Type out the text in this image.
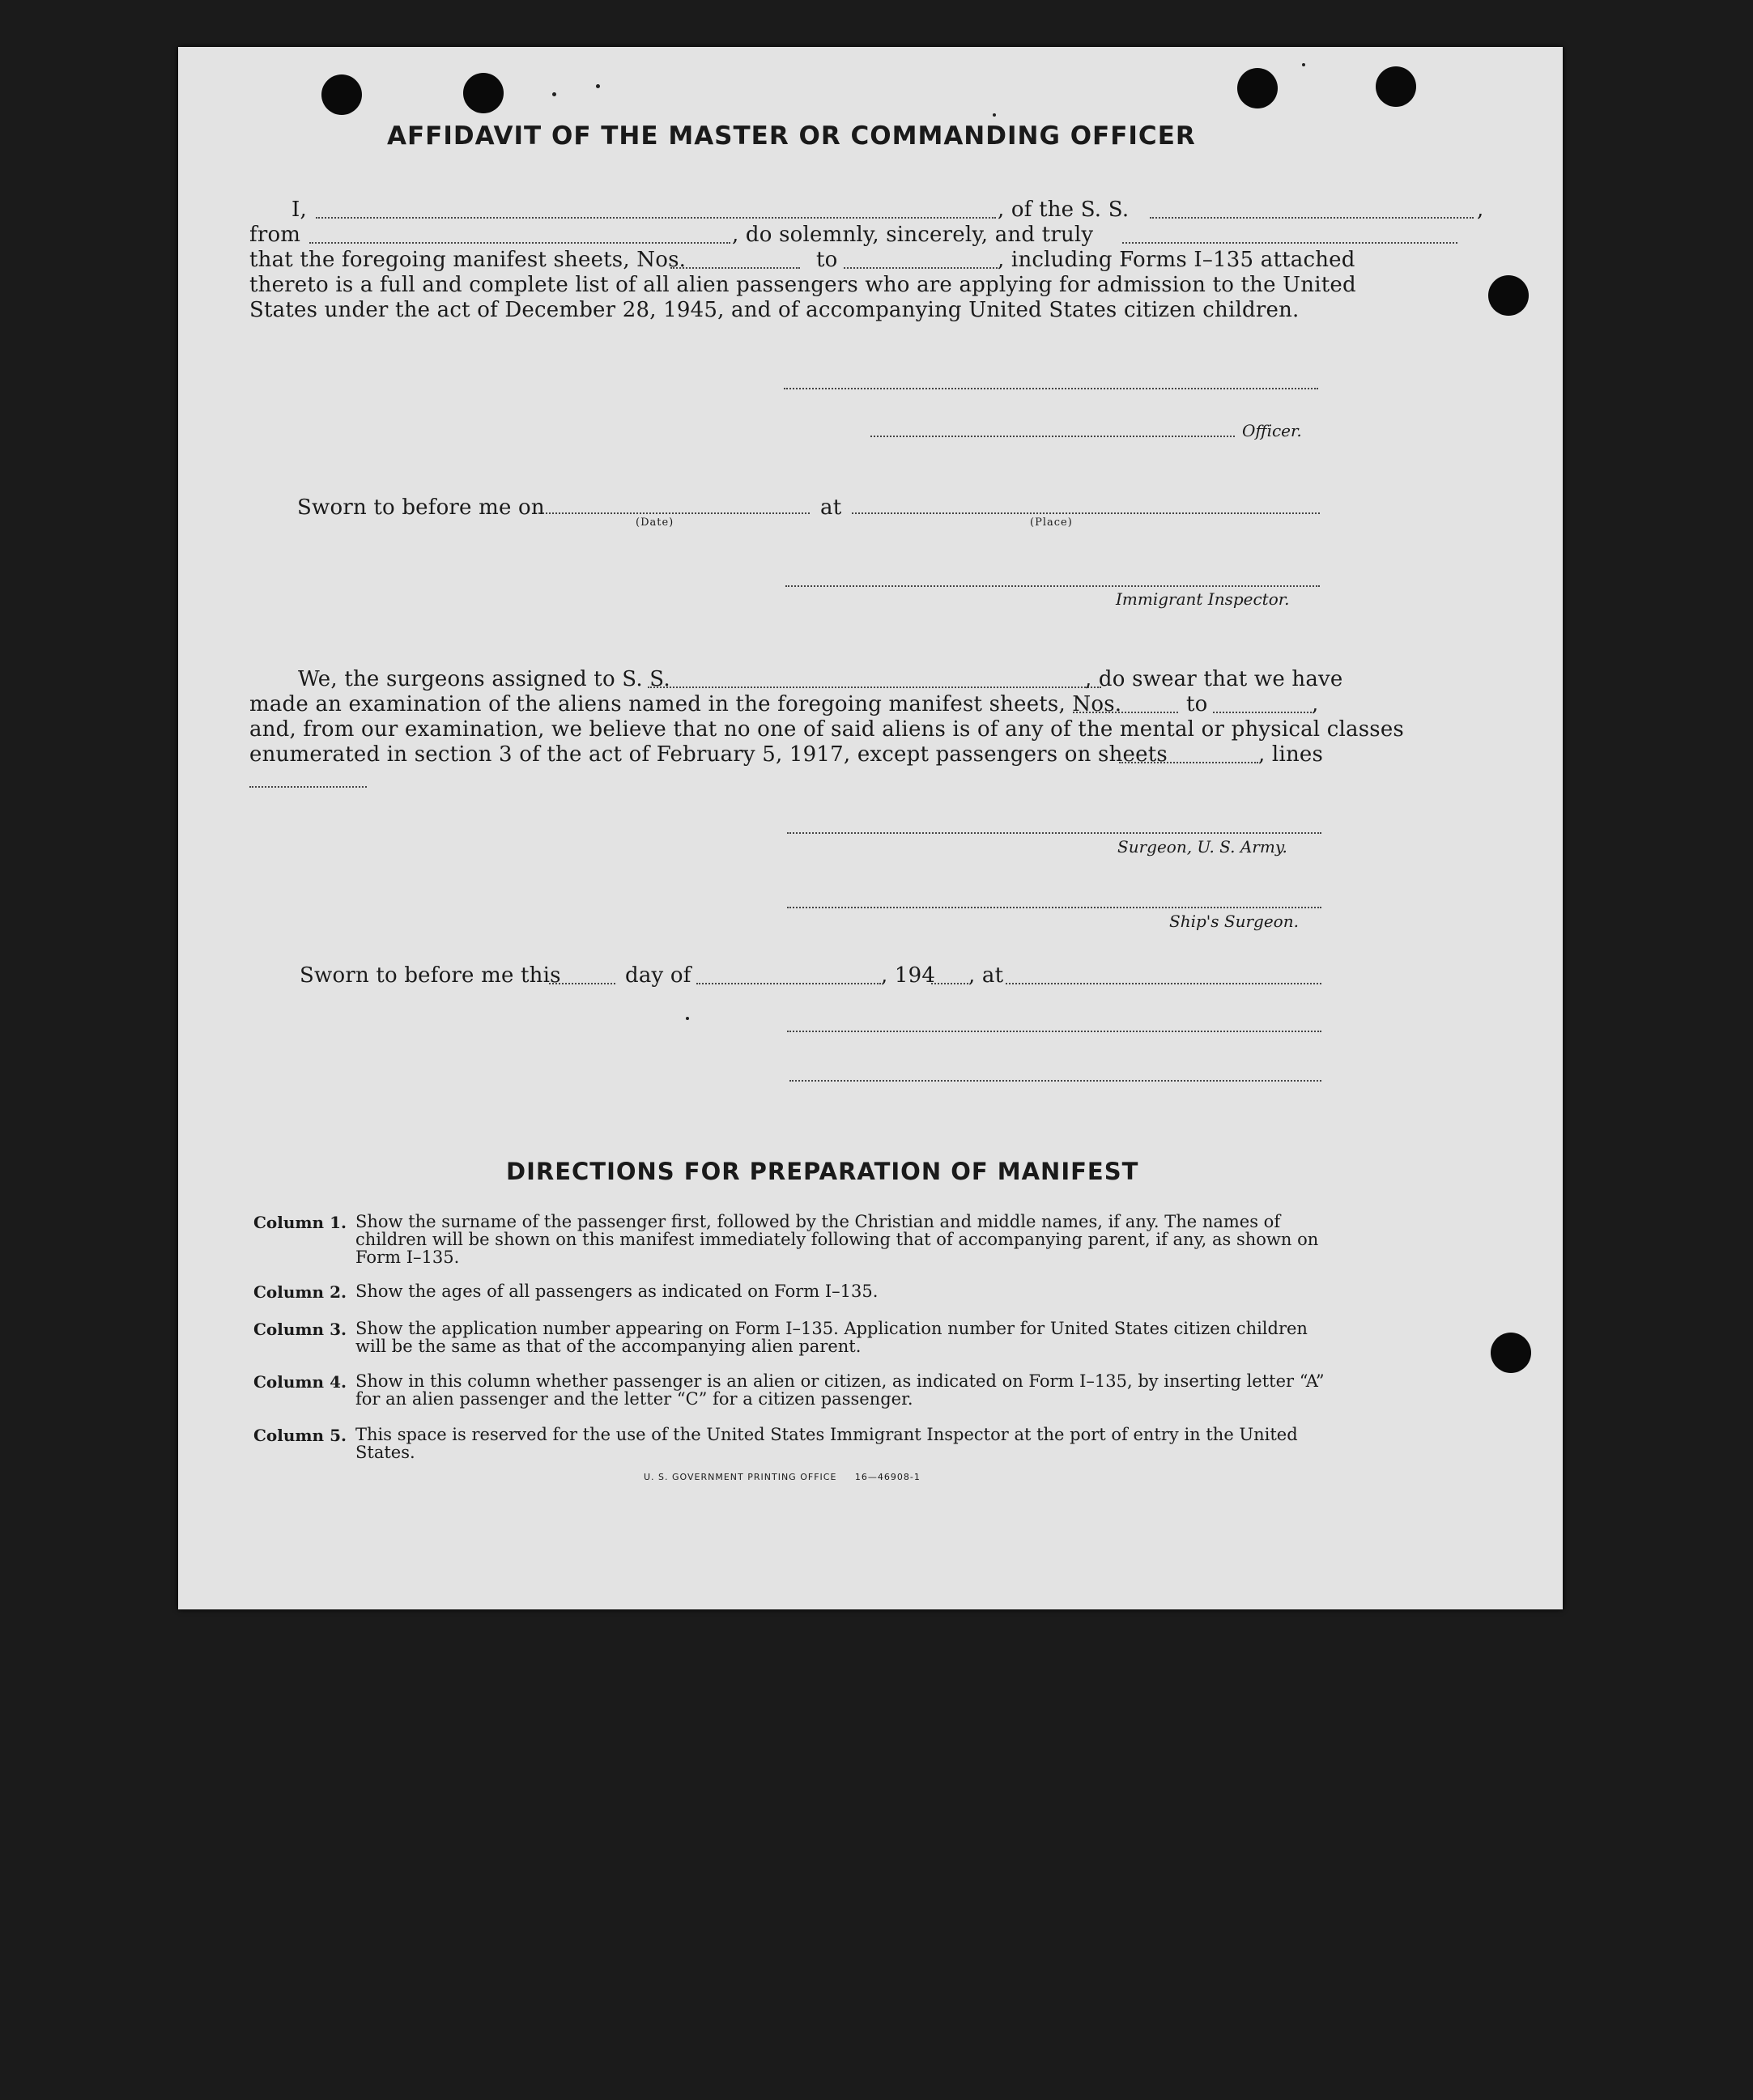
AFFIDAVIT OF THE MASTER OR COMMANDING OFFICER
I,	, of the S. S.	,
from	, do solemnly, sincerely, and truly
that the foregoing manifest sheets, Nos.	to	, including Forms I–135 attached
thereto is a full and complete list of all alien passengers who are applying for admission to the United
States under the act of December 28, 1945, and of accompanying United States citizen children.
Officer.
Sworn to before me on
(Date)
at
(Place)
Immigrant Inspector.
We, the surgeons assigned to S. S.	, do swear that we have
made an examination of the aliens named in the foregoing manifest sheets, Nos.	to	,
and, from our examination, we believe that no one of said aliens is of any of the mental or physical classes
enumerated in section 3 of the act of February 5, 1917, except passengers on sheets	, lines
Surgeon, U. S. Army.
Ship's Surgeon.
Sworn to before me this	day of	, 194 , at
DIRECTIONS FOR PREPARATION OF MANIFEST
Column 1. Show the surname of the passenger first, followed by the Christian and middle names, if any. The names of children will be shown on this manifest immediately following that of accompanying parent, if any, as shown on Form I–135.
Column 2. Show the ages of all passengers as indicated on Form I–135.
Column 3. Show the application number appearing on Form I–135. Application number for United States citizen children will be the same as that of the accompanying alien parent.
Column 4. Show in this column whether passenger is an alien or citizen, as indicated on Form I–135, by inserting letter “A” for an alien passenger and the letter “C” for a citizen passenger.
Column 5. This space is reserved for the use of the United States Immigrant Inspector at the port of entry in the United States.
U. S. GOVERNMENT PRINTING OFFICE     16—46908-1
